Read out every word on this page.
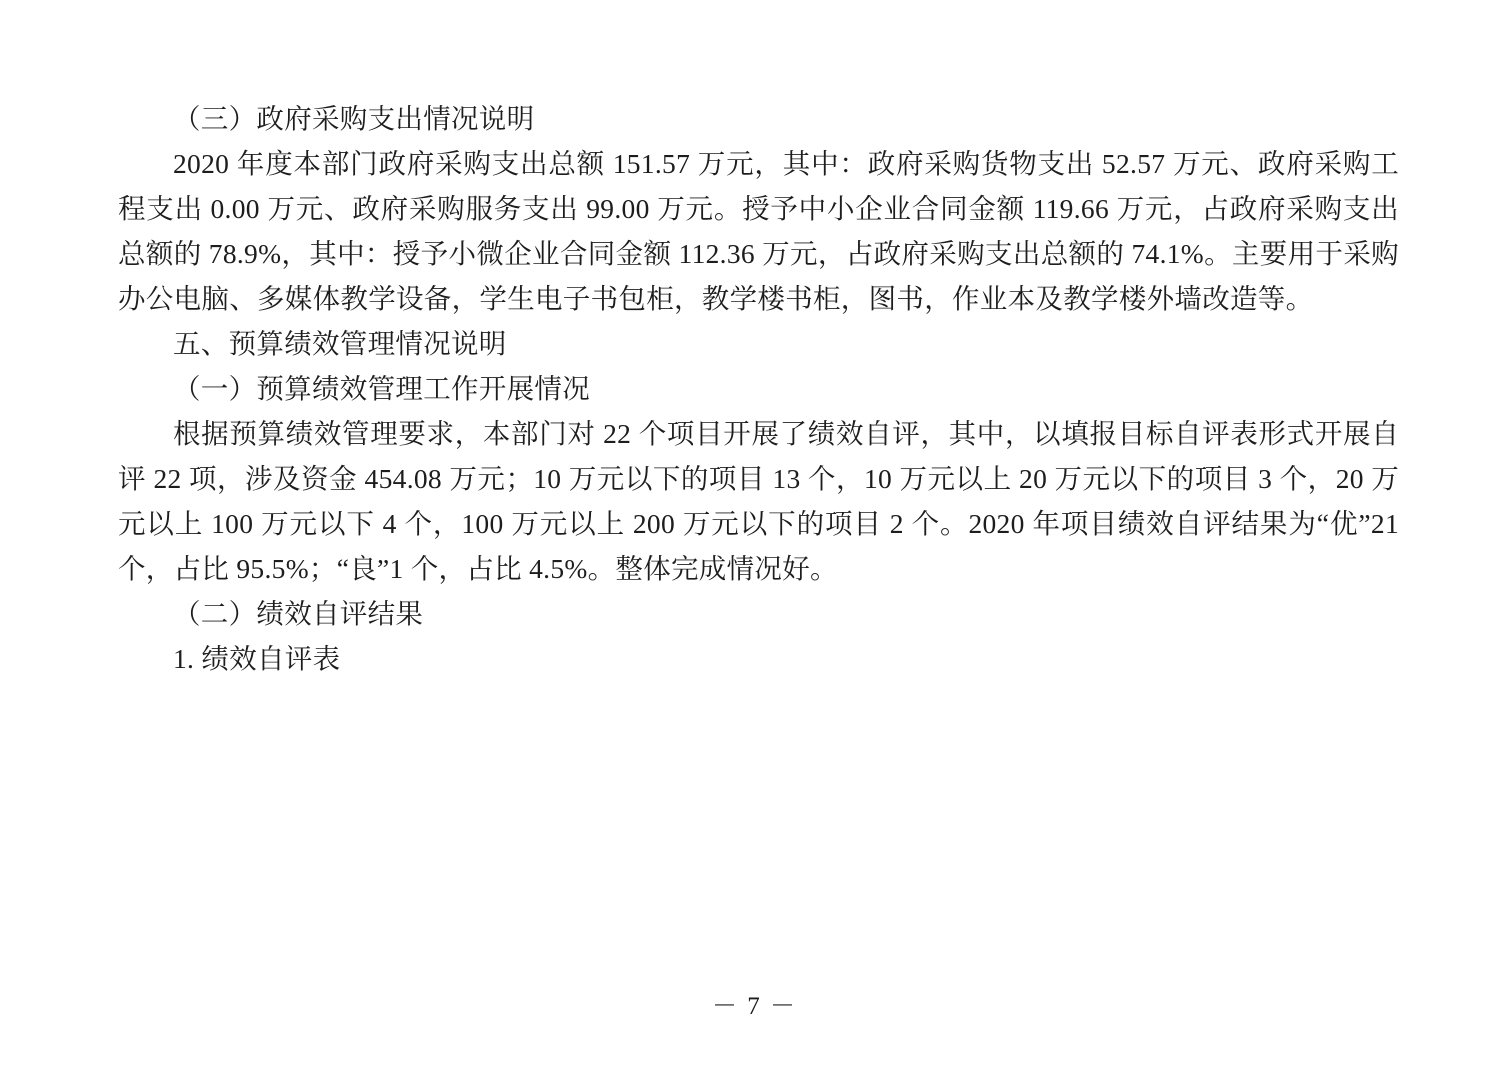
（三）政府采购支出情况说明

2020 年度本部门政府采购支出总额 151.57 万元，其中：政府采购货物支出 52.57 万元、政府采购工程支出 0.00 万元、政府采购服务支出 99.00 万元。授予中小企业合同金额 119.66 万元，占政府采购支出总额的 78.9%，其中：授予小微企业合同金额 112.36 万元，占政府采购支出总额的 74.1%。主要用于采购办公电脑、多媒体教学设备，学生电子书包柜，教学楼书柜，图书，作业本及教学楼外墙改造等。

五、预算绩效管理情况说明

（一）预算绩效管理工作开展情况

根据预算绩效管理要求，本部门对 22 个项目开展了绩效自评，其中，以填报目标自评表形式开展自评 22 项，涉及资金 454.08 万元；10 万元以下的项目 13 个，10 万元以上 20 万元以下的项目 3 个，20 万元以上 100 万元以下 4 个，100 万元以上 200 万元以下的项目 2 个。2020 年项目绩效自评结果为“优”21 个，占比 95.5%；“良”1 个，占比 4.5%。整体完成情况好。

（二）绩效自评结果

1. 绩效自评表

－ 7 －
